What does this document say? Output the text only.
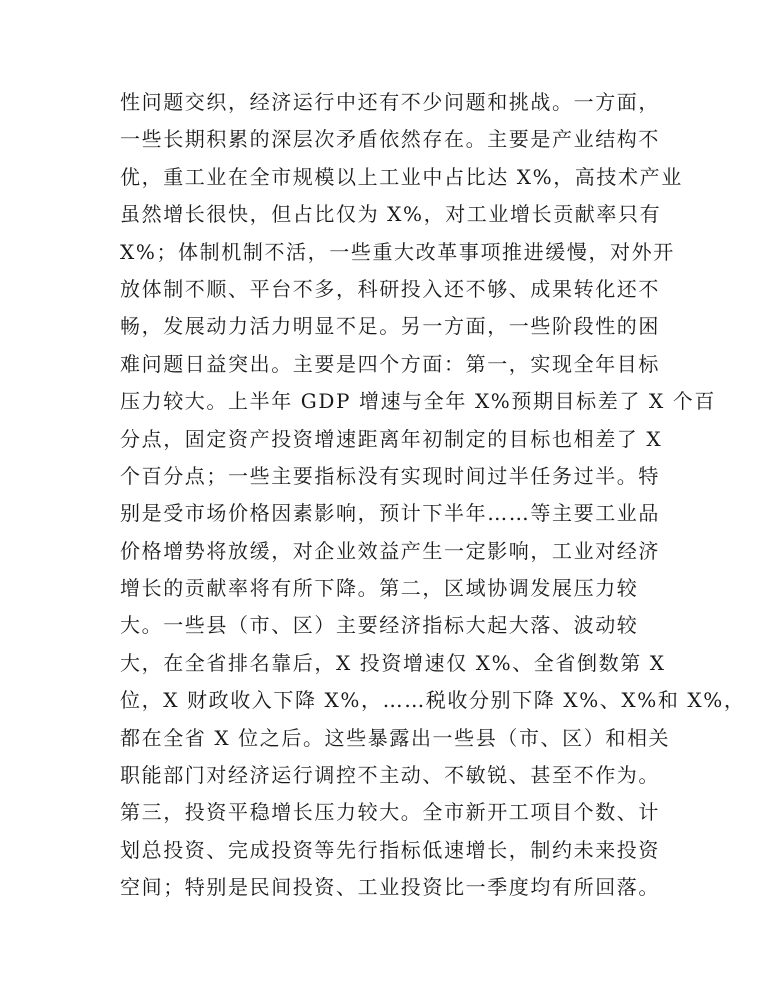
性问题交织，经济运行中还有不少问题和挑战。一方面，
一些长期积累的深层次矛盾依然存在。主要是产业结构不
优，重工业在全市规模以上工业中占比达 X%，高技术产业
虽然增长很快，但占比仅为 X%，对工业增长贡献率只有
X%；体制机制不活，一些重大改革事项推进缓慢，对外开
放体制不顺、平台不多，科研投入还不够、成果转化还不
畅，发展动力活力明显不足。另一方面，一些阶段性的困
难问题日益突出。主要是四个方面：第一，实现全年目标
压力较大。上半年 GDP 增速与全年 X%预期目标差了 X 个百
分点，固定资产投资增速距离年初制定的目标也相差了 X
个百分点；一些主要指标没有实现时间过半任务过半。特
别是受市场价格因素影响，预计下半年……等主要工业品
价格增势将放缓，对企业效益产生一定影响，工业对经济
增长的贡献率将有所下降。第二，区域协调发展压力较
大。一些县（市、区）主要经济指标大起大落、波动较
大，在全省排名靠后，X 投资增速仅 X%、全省倒数第 X
位，X 财政收入下降 X%，……税收分别下降 X%、X%和 X%，
都在全省 X 位之后。这些暴露出一些县（市、区）和相关
职能部门对经济运行调控不主动、不敏锐、甚至不作为。
第三，投资平稳增长压力较大。全市新开工项目个数、计
划总投资、完成投资等先行指标低速增长，制约未来投资
空间；特别是民间投资、工业投资比一季度均有所回落。
